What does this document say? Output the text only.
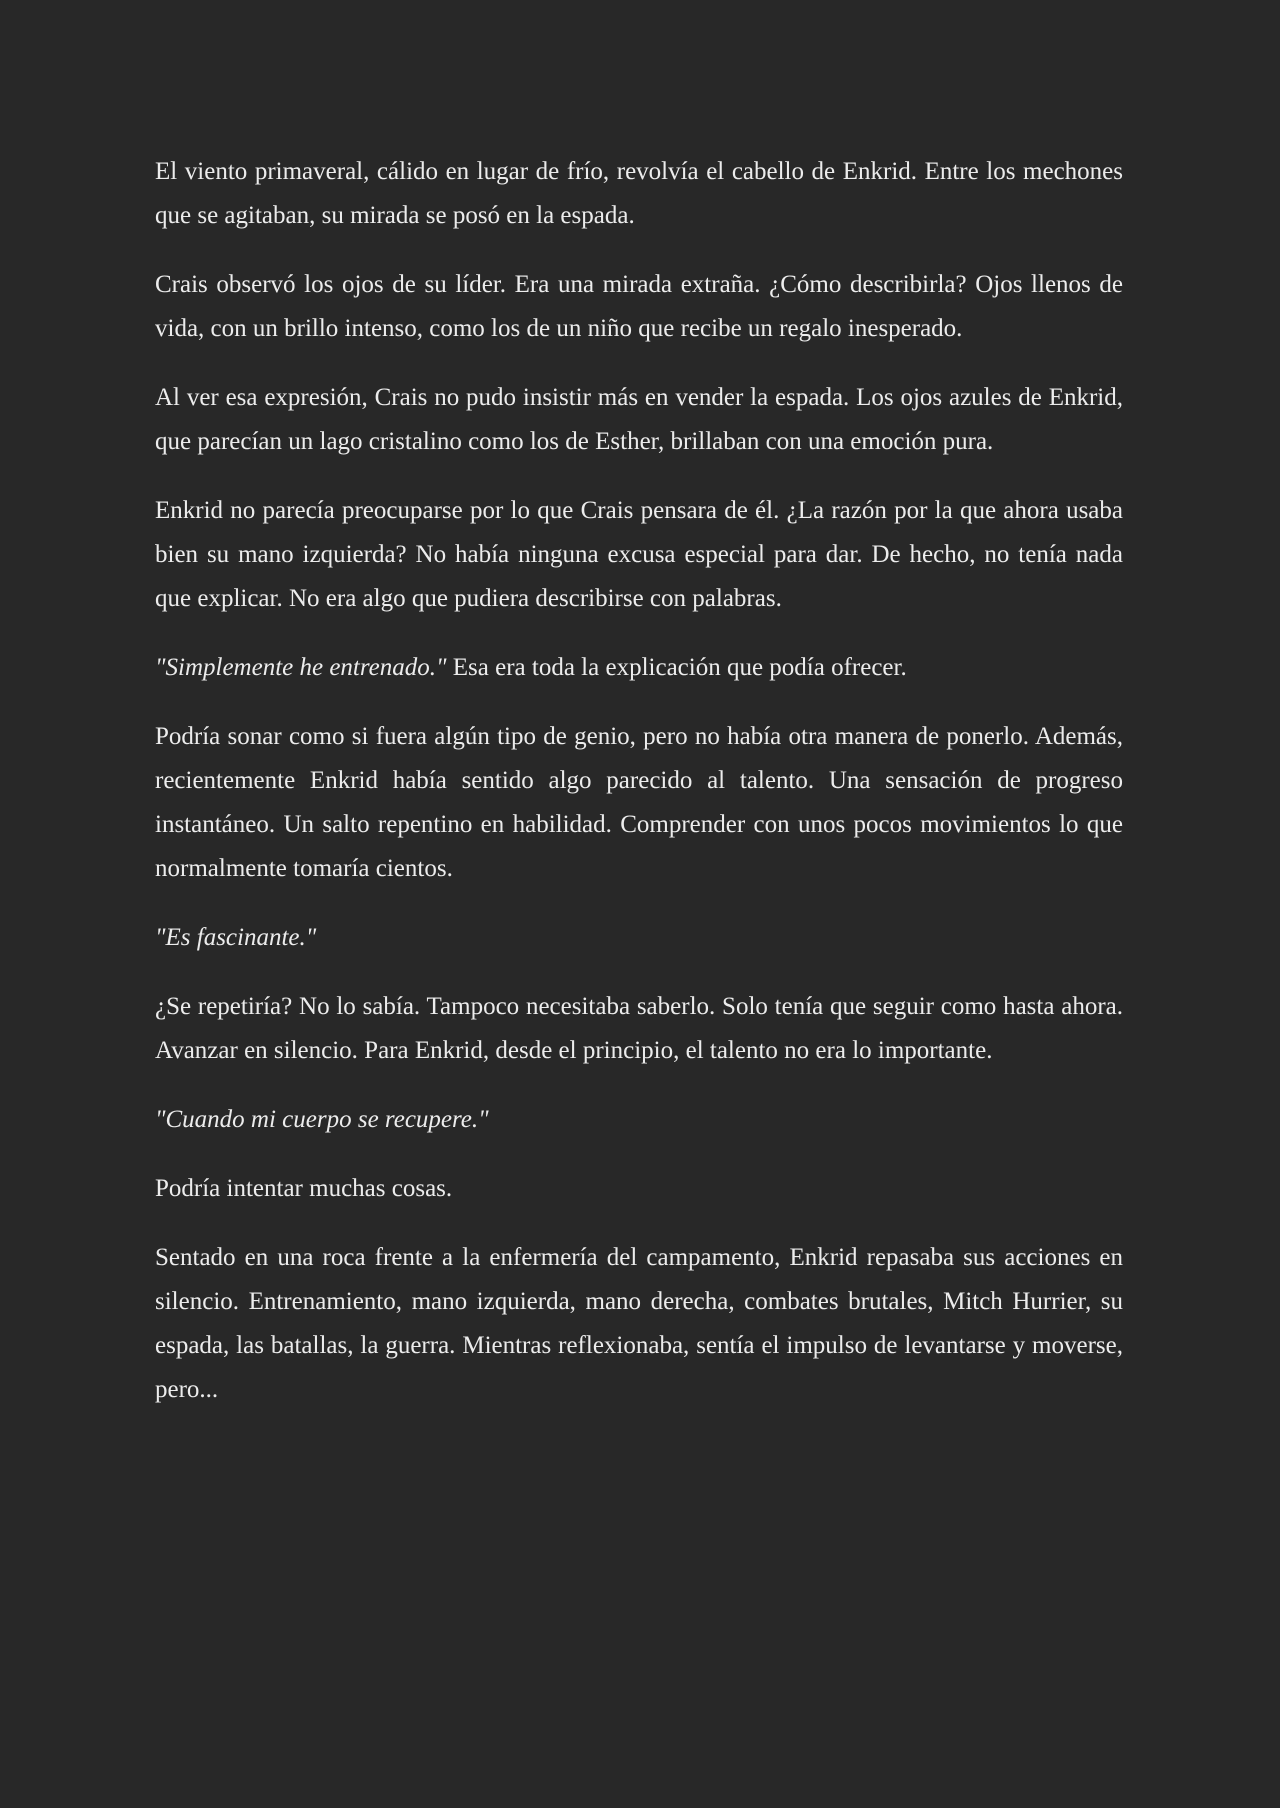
El viento primaveral, cálido en lugar de frío, revolvía el cabello de Enkrid. Entre los mechones que se agitaban, su mirada se posó en la espada.

Crais observó los ojos de su líder. Era una mirada extraña. ¿Cómo describirla? Ojos llenos de vida, con un brillo intenso, como los de un niño que recibe un regalo inesperado.

Al ver esa expresión, Crais no pudo insistir más en vender la espada. Los ojos azules de Enkrid, que parecían un lago cristalino como los de Esther, brillaban con una emoción pura.

Enkrid no parecía preocuparse por lo que Crais pensara de él. ¿La razón por la que ahora usaba bien su mano izquierda? No había ninguna excusa especial para dar. De hecho, no tenía nada que explicar. No era algo que pudiera describirse con palabras.

"Simplemente he entrenado." Esa era toda la explicación que podía ofrecer.

Podría sonar como si fuera algún tipo de genio, pero no había otra manera de ponerlo. Además, recientemente Enkrid había sentido algo parecido al talento. Una sensación de progreso instantáneo. Un salto repentino en habilidad. Comprender con unos pocos movimientos lo que normalmente tomaría cientos.

"Es fascinante."

¿Se repetiría? No lo sabía. Tampoco necesitaba saberlo. Solo tenía que seguir como hasta ahora. Avanzar en silencio. Para Enkrid, desde el principio, el talento no era lo importante.

"Cuando mi cuerpo se recupere."

Podría intentar muchas cosas.

Sentado en una roca frente a la enfermería del campamento, Enkrid repasaba sus acciones en silencio. Entrenamiento, mano izquierda, mano derecha, combates brutales, Mitch Hurrier, su espada, las batallas, la guerra. Mientras reflexionaba, sentía el impulso de levantarse y moverse, pero...
